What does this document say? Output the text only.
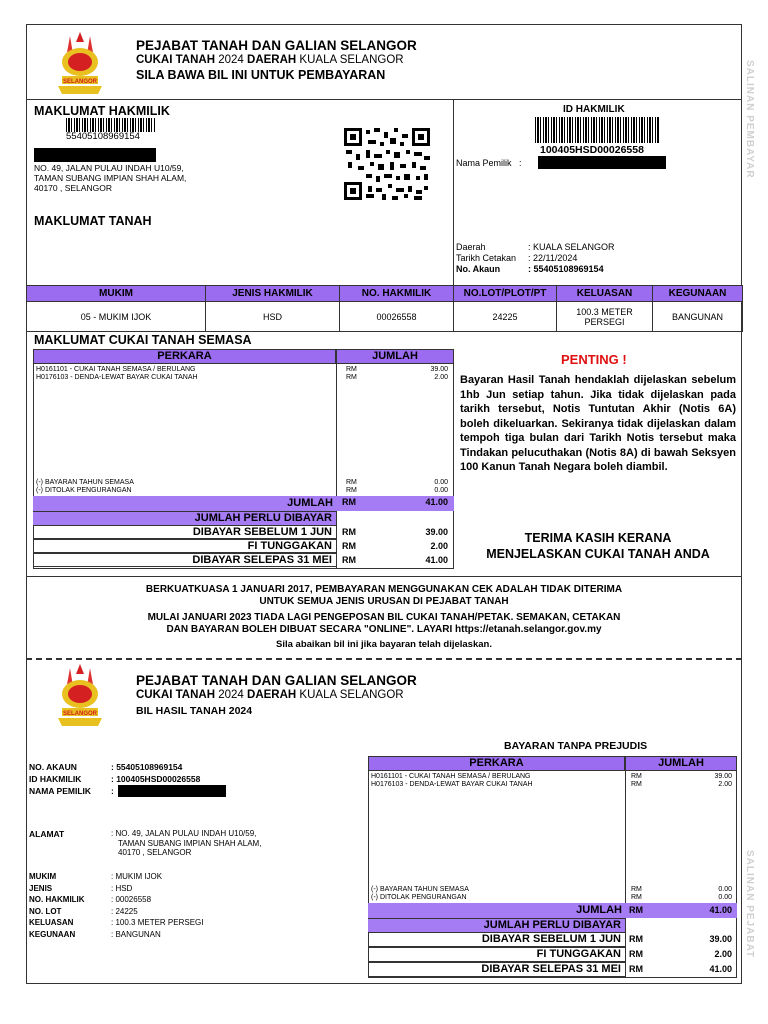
SALINAN PEMBAYAR
SALINAN PEJABAT
SELANGOR
PEJABAT TANAH DAN GALIAN SELANGOR
CUKAI TANAH 2024 DAERAH KUALA SELANGOR
SILA BAWA BIL INI UNTUK PEMBAYARAN
MAKLUMAT HAKMILIK
55405108969154
NO. 49, JALAN PULAU INDAH U10/59,
TAMAN SUBANG IMPIAN SHAH ALAM,
40170 , SELANGOR
MAKLUMAT TANAH
ID HAKMILIK
100405HSD00026558
Nama Pemilik   :
Daerah	: KUALA SELANGOR
Tarikh Cetakan	: 22/11/2024
No. Akaun	: 55405108969154
MUKIM	JENIS HAKMILIK	NO. HAKMILIK	NO.LOT/PLOT/PT	KELUASAN	KEGUNAAN
05 - MUKIM IJOK	HSD	00026558	24225	100.3 METER PERSEGI	BANGUNAN
MAKLUMAT CUKAI TANAH SEMASA
PERKARA	JUMLAH
H0161101 - CUKAI TANAH SEMASA / BERULANG	RM	39.00
H0176103 - DENDA-LEWAT BAYAR CUKAI TANAH	RM	2.00
(-) BAYARAN TAHUN SEMASA	RM	0.00
(-) DITOLAK PENGURANGAN	RM	0.00
JUMLAH RM	41.00
JUMLAH PERLU DIBAYAR
DIBAYAR SEBELUM 1 JUN	RM	39.00
FI TUNGGAKAN	RM	2.00
DIBAYAR SELEPAS 31 MEI	RM	41.00
PENTING !
Bayaran Hasil Tanah hendaklah dijelaskan sebelum 1hb Jun setiap tahun. Jika tidak dijelaskan pada tarikh tersebut, Notis Tuntutan Akhir (Notis 6A) boleh dikeluarkan. Sekiranya tidak dijelaskan dalam tempoh tiga bulan dari Tarikh Notis tersebut maka Tindakan pelucuthakan (Notis 8A) di bawah Seksyen 100 Kanun Tanah Negara boleh diambil.
TERIMA KASIH KERANA
MENJELASKAN CUKAI TANAH ANDA
BERKUATKUASA 1 JANUARI 2017, PEMBAYARAN MENGGUNAKAN CEK ADALAH TIDAK DITERIMA
UNTUK SEMUA JENIS URUSAN DI PEJABAT TANAH
MULAI JANUARI 2023 TIADA LAGI PENGEPOSAN BIL CUKAI TANAH/PETAK. SEMAKAN, CETAKAN
DAN BAYARAN BOLEH DIBUAT SECARA "ONLINE". LAYARI https://etanah.selangor.gov.my
Sila abaikan bil ini jika bayaran telah dijelaskan.
SELANGOR
PEJABAT TANAH DAN GALIAN SELANGOR
CUKAI TANAH 2024 DAERAH KUALA SELANGOR
BIL HASIL TANAH 2024
NO. AKAUN	: 55405108969154
ID HAKMILIK	: 100405HSD00026558
NAMA PEMILIK :
ALAMAT	: NO. 49, JALAN PULAU INDAH U10/59,
TAMAN SUBANG IMPIAN SHAH ALAM,
40170 , SELANGOR
MUKIM	: MUKIM IJOK
JENIS	: HSD
NO. HAKMILIK	: 00026558
NO. LOT	: 24225
KELUASAN	: 100.3 METER PERSEGI
KEGUNAAN	: BANGUNAN
BAYARAN TANPA PREJUDIS
PERKARA	JUMLAH
H0161101 - CUKAI TANAH SEMASA / BERULANG	RM	39.00
H0176103 - DENDA-LEWAT BAYAR CUKAI TANAH	RM	2.00
(-) BAYARAN TAHUN SEMASA	RM	0.00
(-) DITOLAK PENGURANGAN	RM	0.00
JUMLAH RM	41.00
JUMLAH PERLU DIBAYAR
DIBAYAR SEBELUM 1 JUN RM	39.00
FI TUNGGAKAN RM	2.00
DIBAYAR SELEPAS 31 MEI RM	41.00
